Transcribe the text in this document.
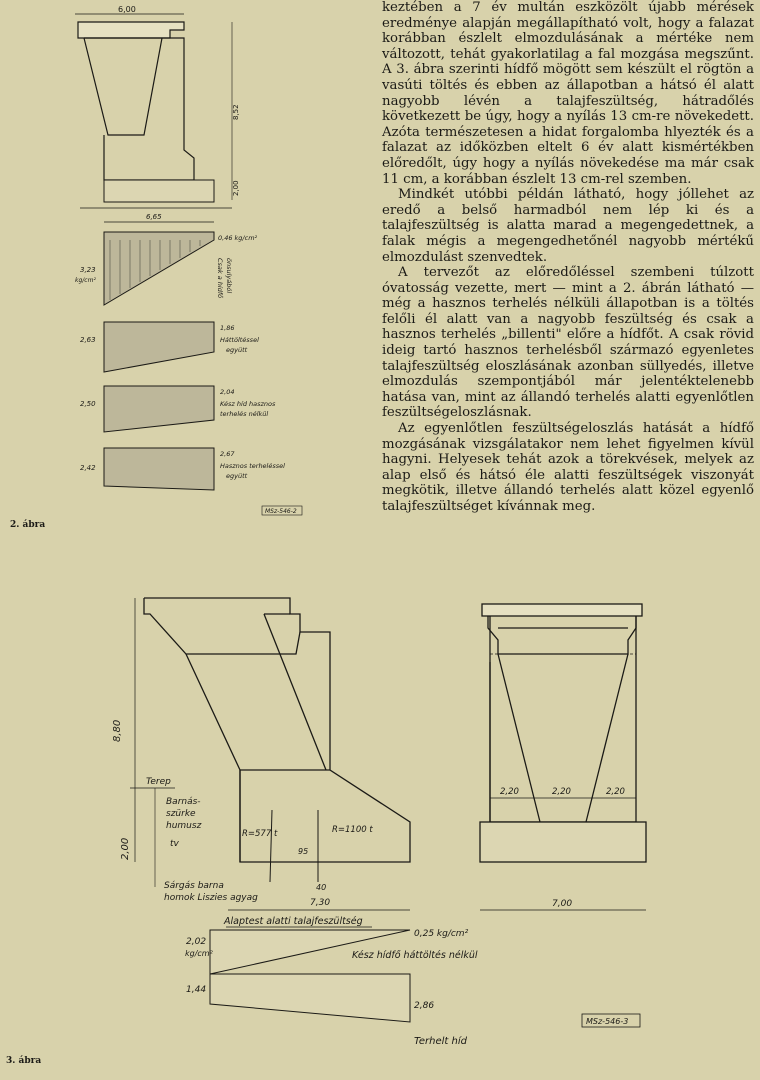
keztében a 7 év multán eszközölt újabb mérések eredménye alapján megállapítható volt, hogy a falazat korábban észlelt elmozdulásának a mértéke nem változott, tehát gyakorlatilag a fal mozgása megszűnt. A 3. ábra szerinti hídfő mögött sem készült el rögtön a vasúti töltés és ebben az állapotban a hátsó él alatt nagyobb lévén a talajfeszültség, hátradőlés következett be úgy, hogy a nyílás 13 cm-re növekedett. Azóta természetesen a hidat forgalomba hlyezték és a falazat az időközben eltelt 6 év alatt kismértékben előredőlt, úgy hogy a nyílás növekedése ma már csak 11 cm, a korábban észlelt 13 cm-rel szemben.

Mindkét utóbbi példán látható, hogy jóllehet az eredő a belső harmadból nem lép ki és a talajfeszültség is alatta marad a megengedettnek, a falak mégis a megengedhetőnél nagyobb mértékű elmozdulást szenvedtek.

A tervezőt az előredőléssel szembeni túlzott óvatosság vezette, mert — mint a 2. ábrán látható — még a hasznos terhelés nélküli állapotban is a töltés felőli él alatt van a nagyobb feszültség és csak a hasznos terhelés „billenti" előre a hídfőt. A csak rövid ideig tartó hasznos terhelésből származó egyenletes talajfeszültség eloszlásának azonban süllyedés, illetve elmozdulás szempontjából már jelentéktelenebb hatása van, mint az állandó terhelés alatti egyenlőtlen feszültségeloszlásnak.

Az egyenlőtlen feszültségeloszlás hatását a hídfő mozgásának vizsgálatakor nem lehet figyelmen kívül hagyni. Helyesek tehát azok a törekvések, melyek az alap első és hátsó éle alatti feszültségek viszonyát megkötik, illetve állandó terhelés alatt közel egyenlő talajfeszültséget kívánnak meg.

6,00
8,52
2,00
6,65
3,23
kg/cm²
0,46 kg/cm²
Csak a hídfő önsulyából
2,63
1,86
Háttöltéssel
együtt
2,50
2,04
Kész híd hasznos
terhelés nélkül
2,42
2,67
Hasznos terheléssel
együtt
MSz-546-2
2. ábra
8,80
Terep
2,00
Barnás-
szürke
humusz
tv
Sárgás barna
homok Liszies agyag
R=577 t	R=1100 t
95
40
7,30
Alaptest alatti talajfeszültség
0,25 kg/cm²
2,02
kg/cm²	Kész hídfő háttöltés nélkül
1,44
2,86
Terhelt híd
MSz-546-3
2,20	2,20	2,20
7,00
3. ábra
